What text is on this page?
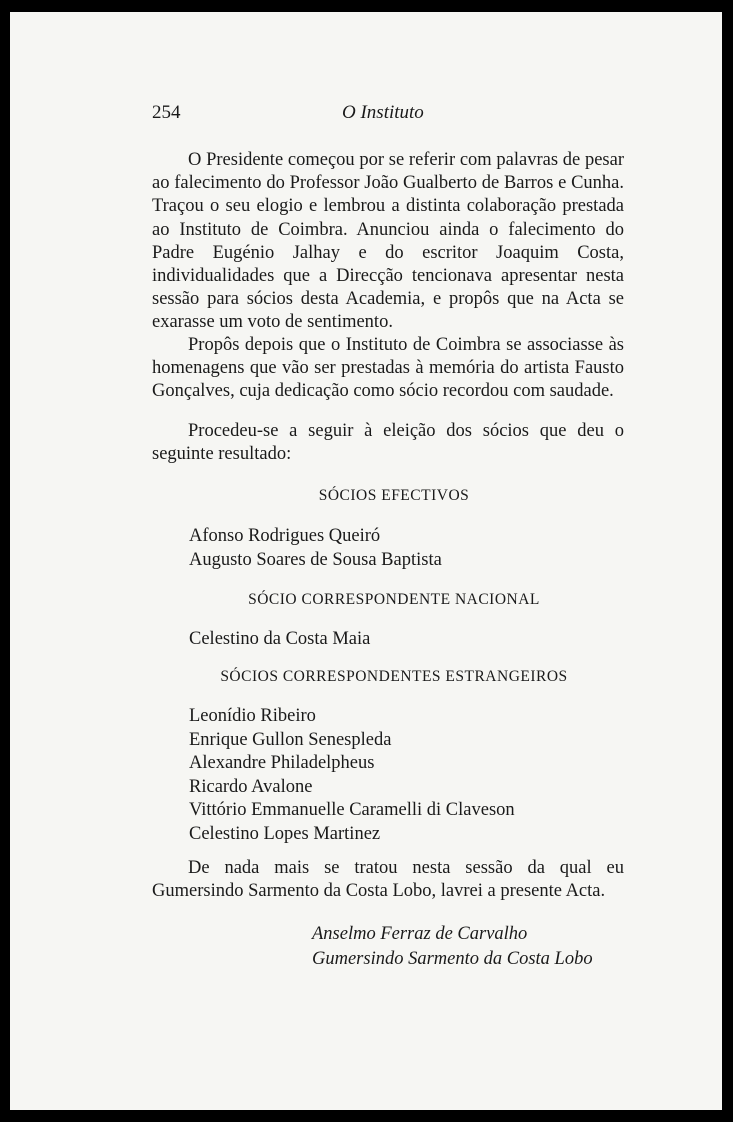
254	O Instituto

O Presidente começou por se referir com palavras de pesar ao falecimento do Professor João Gualberto de Barros e Cunha. Traçou o seu elogio e lembrou a distinta colaboração prestada ao Instituto de Coimbra. Anunciou ainda o falecimento do Padre Eugénio Jalhay e do escritor Joaquim Costa, individualidades que a Direcção tencionava apresentar nesta sessão para sócios desta Academia, e propôs que na Acta se exarasse um voto de sentimento.

Propôs depois que o Instituto de Coimbra se associasse às homenagens que vão ser prestadas à memória do artista Fausto Gonçalves, cuja dedicação como sócio recordou com saudade.

Procedeu-se a seguir à eleição dos sócios que deu o seguinte resultado:

SÓCIOS EFECTIVOS
Afonso Rodrigues Queiró
Augusto Soares de Sousa Baptista
SÓCIO CORRESPONDENTE NACIONAL
Celestino da Costa Maia
SÓCIOS CORRESPONDENTES ESTRANGEIROS
Leonídio Ribeiro
Enrique Gullon Senespleda
Alexandre Philadelpheus
Ricardo Avalone
Vittório Emmanuelle Caramelli di Claveson
Celestino Lopes Martinez

De nada mais se tratou nesta sessão da qual eu Gumersindo Sarmento da Costa Lobo, lavrei a presente Acta.

Anselmo Ferraz de Carvalho
Gumersindo Sarmento da Costa Lobo
